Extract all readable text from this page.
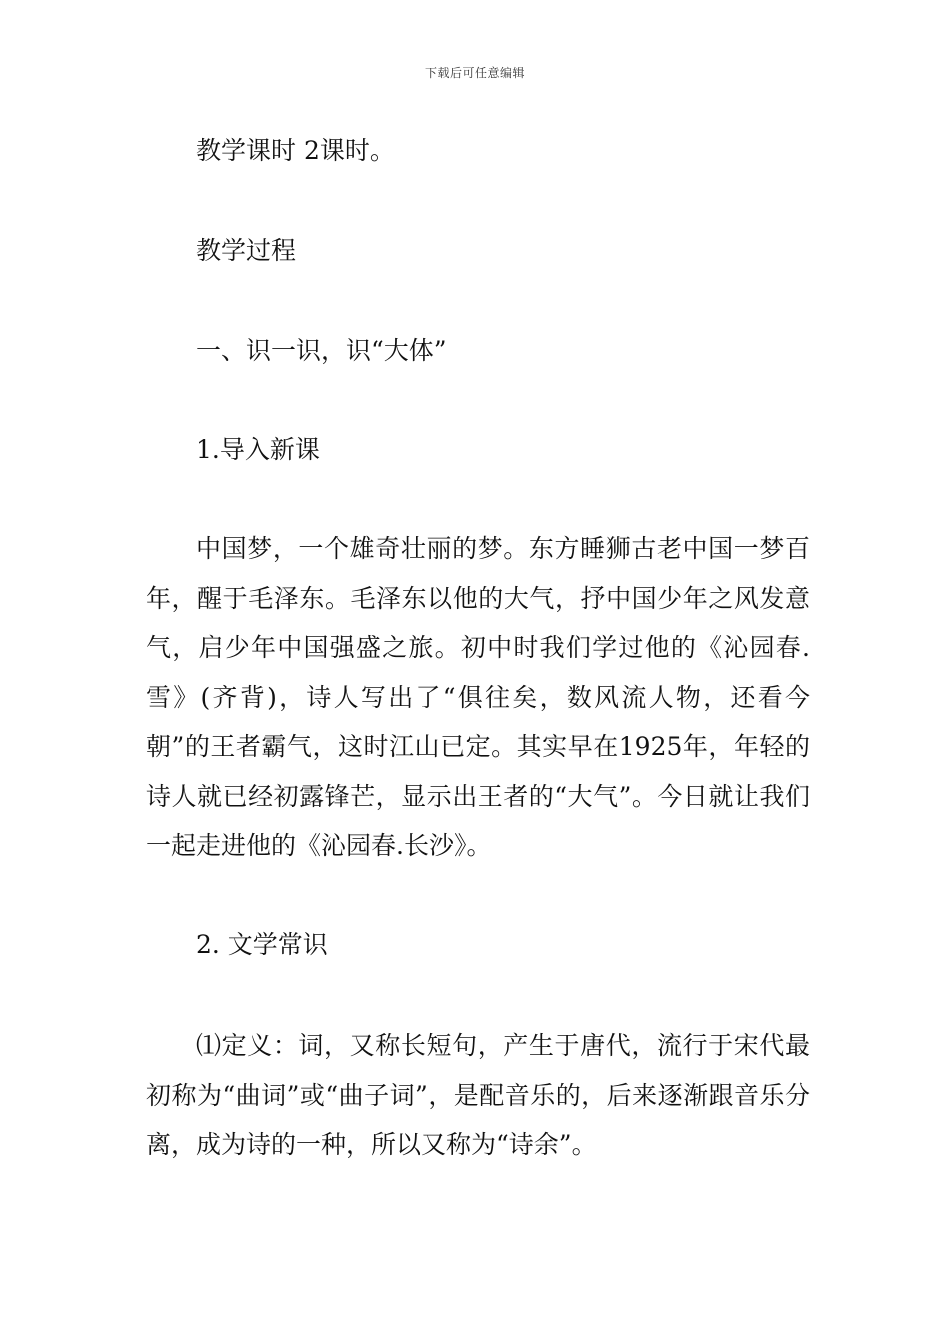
下载后可任意编辑
教学课时 2课时。
教学过程
一、识一识，识“大体”
1.导入新课
中国梦，一个雄奇壮丽的梦。东方睡狮古老中国一梦百年，醒于毛泽东。毛泽东以他的大气，抒中国少年之风发意气，启少年中国强盛之旅。初中时我们学过他的《沁园春.雪》(齐背)，诗人写出了“俱往矣，数风流人物，还看今朝”的王者霸气，这时江山已定。其实早在1925年，年轻的诗人就已经初露锋芒，显示出王者的“大气”。今日就让我们一起走进他的《沁园春.长沙》。
2. 文学常识
⑴定义：词，又称长短句，产生于唐代，流行于宋代最初称为“曲词”或“曲子词”，是配音乐的，后来逐渐跟音乐分离，成为诗的一种，所以又称为“诗余”。
